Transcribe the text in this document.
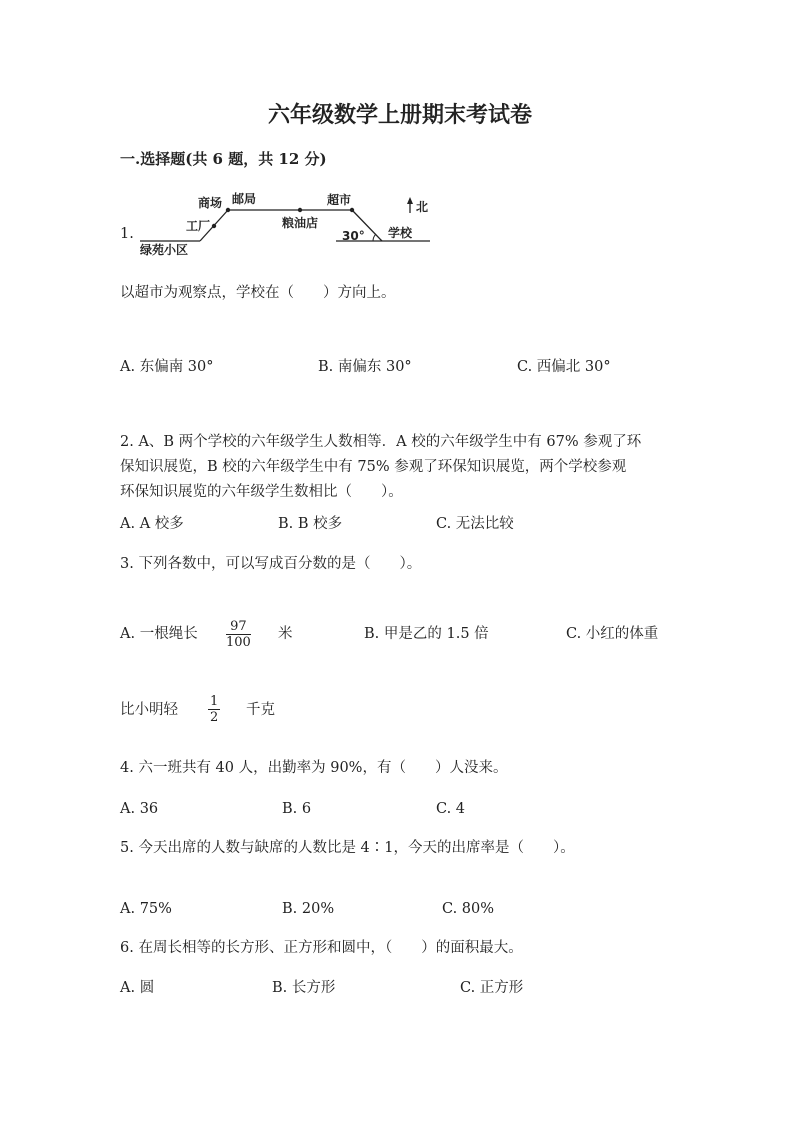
六年级数学上册期末考试卷
一.选择题(共 6 题，共 12 分)
1.
商场 邮局	超市	北
工厂	粮油店
30° 学校
绿苑小区
以超市为观察点，学校在（　　）方向上。
A. 东偏南 30°	B. 南偏东 30°	C. 西偏北 30°
2. A、B 两个学校的六年级学生人数相等．A 校的六年级学生中有 67% 参观了环
保知识展览，B 校的六年级学生中有 75% 参观了环保知识展览，两个学校参观
环保知识展览的六年级学生数相比（　　）。
A. A 校多	B. B 校多	C. 无法比较
3. 下列各数中，可以写成百分数的是（　　）。
A. 一根绳长 $\frac{97}{100}$ 米	B. 甲是乙的 1.5 倍	C. 小红的体重
比小明轻 $\frac{1}{2}$ 千克
4. 六一班共有 40 人，出勤率为 90%，有（　　）人没来。
A. 36	B. 6	C. 4
5. 今天出席的人数与缺席的人数比是 4∶1，今天的出席率是（　　）。
A. 75%	B. 20%	C. 80%
6. 在周长相等的长方形、正方形和圆中，（　　）的面积最大。
A. 圆	B. 长方形	C. 正方形
